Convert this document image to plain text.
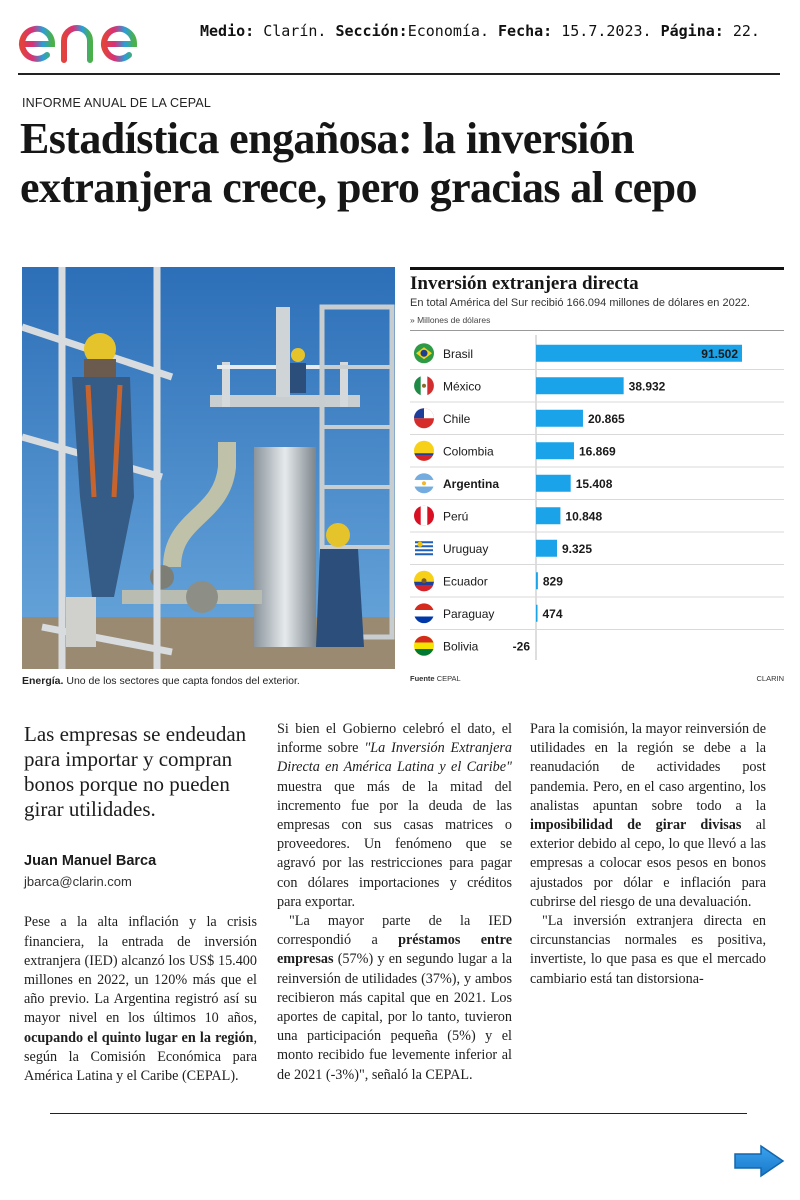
Medio: Clarín. Sección:Economía. Fecha: 15.7.2023. Página: 22.
INFORME ANUAL DE LA CEPAL
Estadística engañosa: la inversión
extranjera crece, pero gracias al cepo
Energía. Uno de los sectores que capta fondos del exterior.
Inversión extranjera directa
En total América del Sur recibió 166.094 millones de dólares en 2022.
» Millones de dólares
Brasil	91.502
México	38.932
Chile	20.865
Colombia	16.869
Argentina	15.408
Perú	10.848
Uruguay	9.325
Ecuador	829
Paraguay	474
Bolivia	-26
Fuente CEPAL	CLARIN
Las empresas se endeudan para importar y compran bonos porque no pueden girar utilidades.
Juan Manuel Barca
jbarca@clarin.com

Pese a la alta inflación y la crisis financiera, la entrada de inversión extranjera (IED) alcanzó los US$ 15.400 millones en 2022, un 120% más que el año previo. La Argentina registró así su mayor nivel en los últimos 10 años, ocupando el quinto lugar en la región, según la Comisión Económica para América Latina y el Caribe (CEPAL).

Si bien el Gobierno celebró el dato, el informe sobre "La Inversión Extranjera Directa en América Latina y el Caribe" muestra que más de la mitad del incremento fue por la deuda de las empresas con sus casas matrices o proveedores. Un fenómeno que se agravó por las restricciones para pagar con dólares importaciones y créditos para exportar.

"La mayor parte de la IED correspondió a préstamos entre empresas (57%) y en segundo lugar a la reinversión de utilidades (37%), y ambos recibieron más capital que en 2021. Los aportes de capital, por lo tanto, tuvieron una participación pequeña (5%) y el monto recibido fue levemente inferior al de 2021 (-3%)", señaló la CEPAL.

Para la comisión, la mayor reinversión de utilidades en la región se debe a la reanudación de actividades post pandemia. Pero, en el caso argentino, los analistas apuntan sobre todo a la imposibilidad de girar divisas al exterior debido al cepo, lo que llevó a las empresas a colocar esos pesos en bonos ajustados por dólar e inflación para cubrirse del riesgo de una devaluación.

"La inversión extranjera directa en circunstancias normales es positiva, invertiste, lo que pasa es que el mercado cambiario está tan distorsiona-
